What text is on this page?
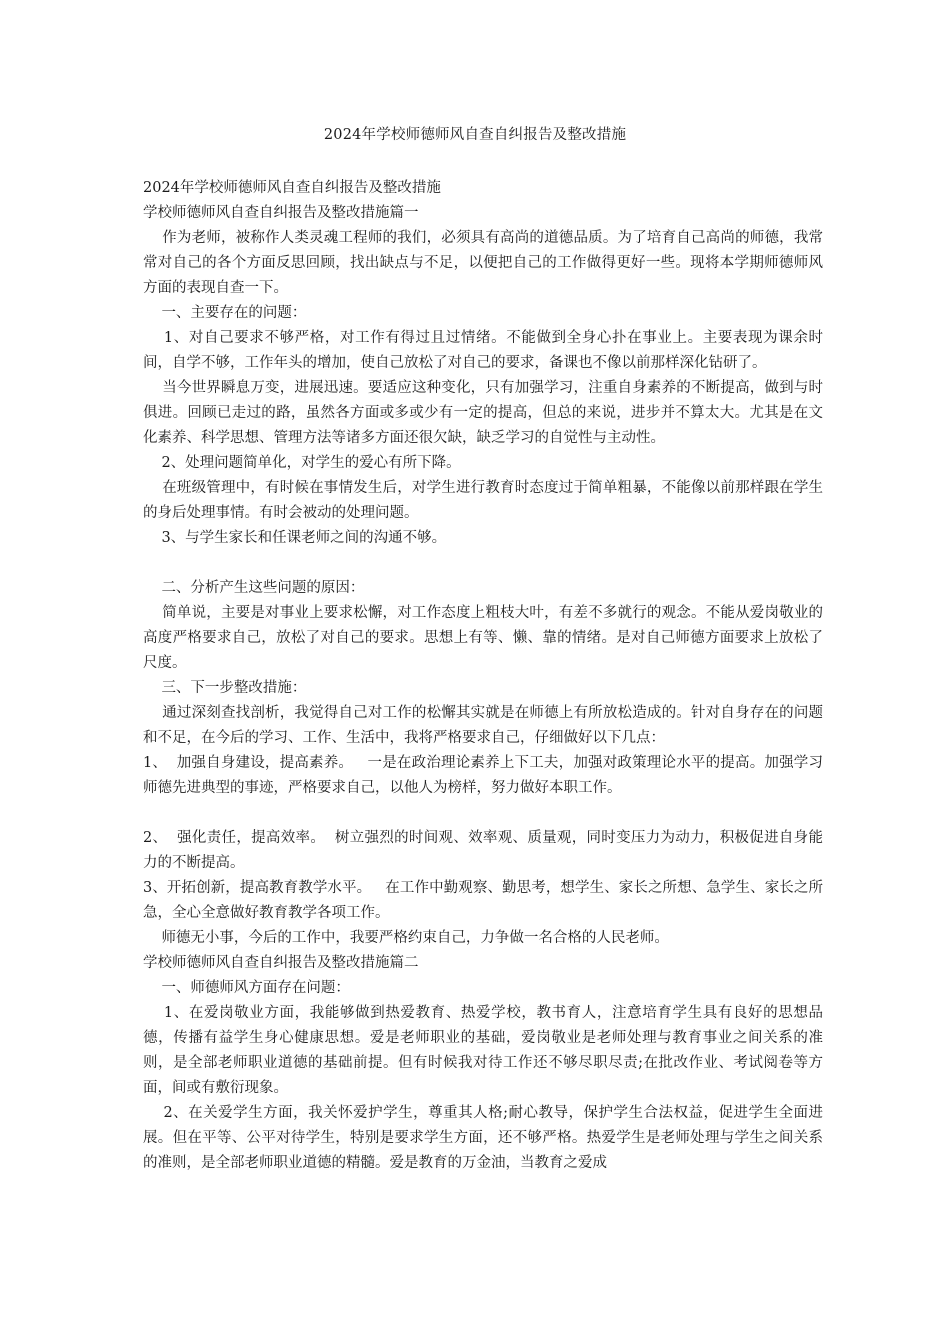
2024年学校师德师风自查自纠报告及整改措施

2024年学校师德师风自查自纠报告及整改措施

学校师德师风自查自纠报告及整改措施篇一

作为老师，被称作人类灵魂工程师的我们，必须具有高尚的道德品质。为了培育自己高尚的师德，我常常对自己的各个方面反思回顾，找出缺点与不足，以便把自己的工作做得更好一些。现将本学期师德师风方面的表现自查一下。

一、主要存在的问题：

1、对自己要求不够严格，对工作有得过且过情绪。不能做到全身心扑在事业上。主要表现为课余时间，自学不够，工作年头的增加，使自己放松了对自己的要求，备课也不像以前那样深化钻研了。

当今世界瞬息万变，进展迅速。要适应这种变化，只有加强学习，注重自身素养的不断提高，做到与时俱进。回顾已走过的路，虽然各方面或多或少有一定的提高，但总的来说，进步并不算太大。尤其是在文化素养、科学思想、管理方法等诸多方面还很欠缺，缺乏学习的自觉性与主动性。

2、处理问题简单化，对学生的爱心有所下降。

在班级管理中，有时候在事情发生后，对学生进行教育时态度过于简单粗暴，不能像以前那样跟在学生的身后处理事情。有时会被动的处理问题。

3、与学生家长和任课老师之间的沟通不够。

二、分析产生这些问题的原因：

简单说，主要是对事业上要求松懈，对工作态度上粗枝大叶，有差不多就行的观念。不能从爱岗敬业的高度严格要求自己，放松了对自己的要求。思想上有等、懒、靠的情绪。是对自己师德方面要求上放松了尺度。

三、下一步整改措施：

通过深刻查找剖析，我觉得自己对工作的松懈其实就是在师德上有所放松造成的。针对自身存在的问题和不足，在今后的学习、工作、生活中，我将严格要求自己，仔细做好以下几点：

1、  加强自身建设，提高素养。   一是在政治理论素养上下工夫，加强对政策理论水平的提高。加强学习师德先进典型的事迹，严格要求自己，以他人为榜样，努力做好本职工作。

2、  强化责任，提高效率。  树立强烈的时间观、效率观、质量观，同时变压力为动力，积极促进自身能力的不断提高。

3、开拓创新，提高教育教学水平。   在工作中勤观察、勤思考，想学生、家长之所想、急学生、家长之所急，全心全意做好教育教学各项工作。

师德无小事，今后的工作中，我要严格约束自己，力争做一名合格的人民老师。

学校师德师风自查自纠报告及整改措施篇二

一、师德师风方面存在问题：

1、在爱岗敬业方面，我能够做到热爱教育、热爱学校，教书育人，注意培育学生具有良好的思想品德，传播有益学生身心健康思想。爱是老师职业的基础，爱岗敬业是老师处理与教育事业之间关系的准则，是全部老师职业道德的基础前提。但有时候我对待工作还不够尽职尽责;在批改作业、考试阅卷等方面，间或有敷衍现象。

2、在关爱学生方面，我关怀爱护学生，尊重其人格;耐心教导，保护学生合法权益，促进学生全面进展。但在平等、公平对待学生，特别是要求学生方面，还不够严格。热爱学生是老师处理与学生之间关系的准则，是全部老师职业道德的精髓。爱是教育的万金油，当教育之爱成
